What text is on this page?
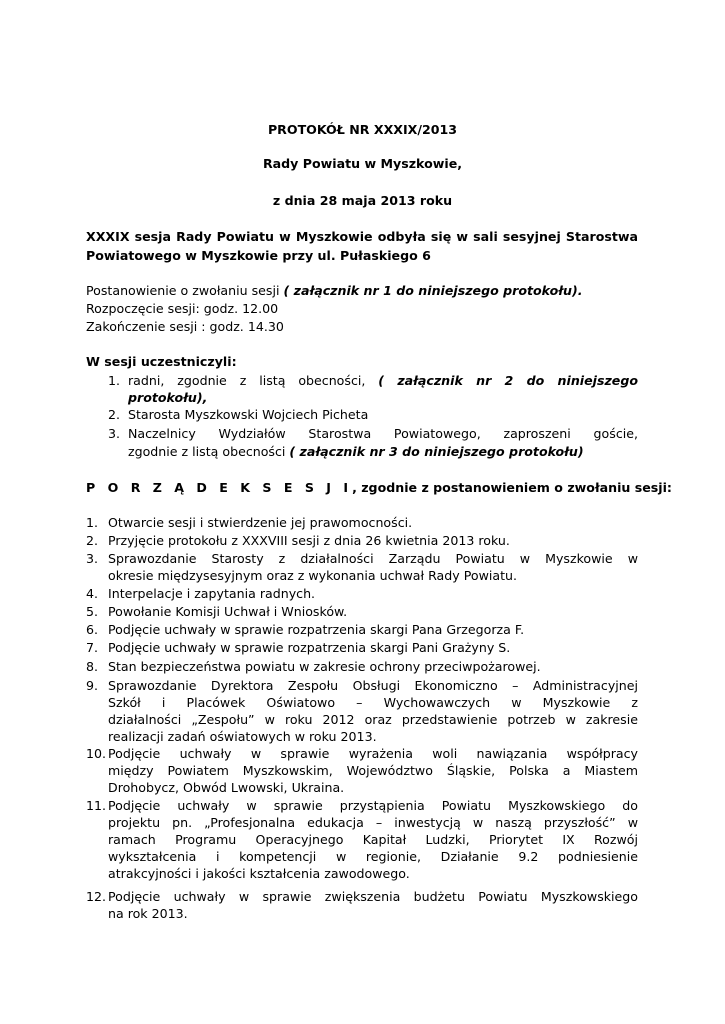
PROTOKÓŁ NR XXXIX/2013
Rady Powiatu w Myszkowie,
z dnia 28 maja 2013 roku
XXXIX sesja Rady Powiatu w Myszkowie odbyła się w sali sesyjnej Starostwa
Powiatowego w Myszkowie przy ul. Pułaskiego 6
Postanowienie o zwołaniu sesji ( załącznik nr 1 do niniejszego protokołu).
Rozpoczęcie sesji: godz. 12.00
Zakończenie sesji : godz. 14.30
W sesji uczestniczyli:
1. radni, zgodnie z listą obecności, ( załącznik nr 2 do niniejszego
protokołu),
2. Starosta Myszkowski Wojciech Picheta
3. Naczelnicy Wydziałów Starostwa Powiatowego, zaproszeni goście,
zgodnie z listą obecności ( załącznik nr 3 do niniejszego protokołu)
P O R Z Ą D E K S E S J I, zgodnie z postanowieniem o zwołaniu sesji:
1. Otwarcie sesji i stwierdzenie jej prawomocności.
2. Przyjęcie protokołu z XXXVIII sesji z dnia 26 kwietnia 2013 roku.
3. Sprawozdanie Starosty z działalności Zarządu Powiatu w Myszkowie w
okresie międzysesyjnym oraz z wykonania uchwał Rady Powiatu.
4. Interpelacje i zapytania radnych.
5. Powołanie Komisji Uchwał i Wniosków.
6. Podjęcie uchwały w sprawie rozpatrzenia skargi Pana Grzegorza F.
7. Podjęcie uchwały w sprawie rozpatrzenia skargi Pani Grażyny S.
8. Stan bezpieczeństwa powiatu w zakresie ochrony przeciwpożarowej.
9. Sprawozdanie Dyrektora Zespołu Obsługi Ekonomiczno – Administracyjnej
Szkół i Placówek Oświatowo – Wychowawczych w Myszkowie z
działalności „Zespołu” w roku 2012 oraz przedstawienie potrzeb w zakresie
realizacji zadań oświatowych w roku 2013.
10. Podjęcie uchwały w sprawie wyrażenia woli nawiązania współpracy
między Powiatem Myszkowskim, Województwo Śląskie, Polska a Miastem
Drohobycz, Obwód Lwowski, Ukraina.
11. Podjęcie uchwały w sprawie przystąpienia Powiatu Myszkowskiego do
projektu pn. „Profesjonalna edukacja – inwestycją w naszą przyszłość” w
ramach Programu Operacyjnego Kapitał Ludzki, Priorytet IX Rozwój
wykształcenia i kompetencji w regionie, Działanie 9.2 podniesienie
atrakcyjności i jakości kształcenia zawodowego.
12. Podjęcie uchwały w sprawie zwiększenia budżetu Powiatu Myszkowskiego
na rok 2013.
